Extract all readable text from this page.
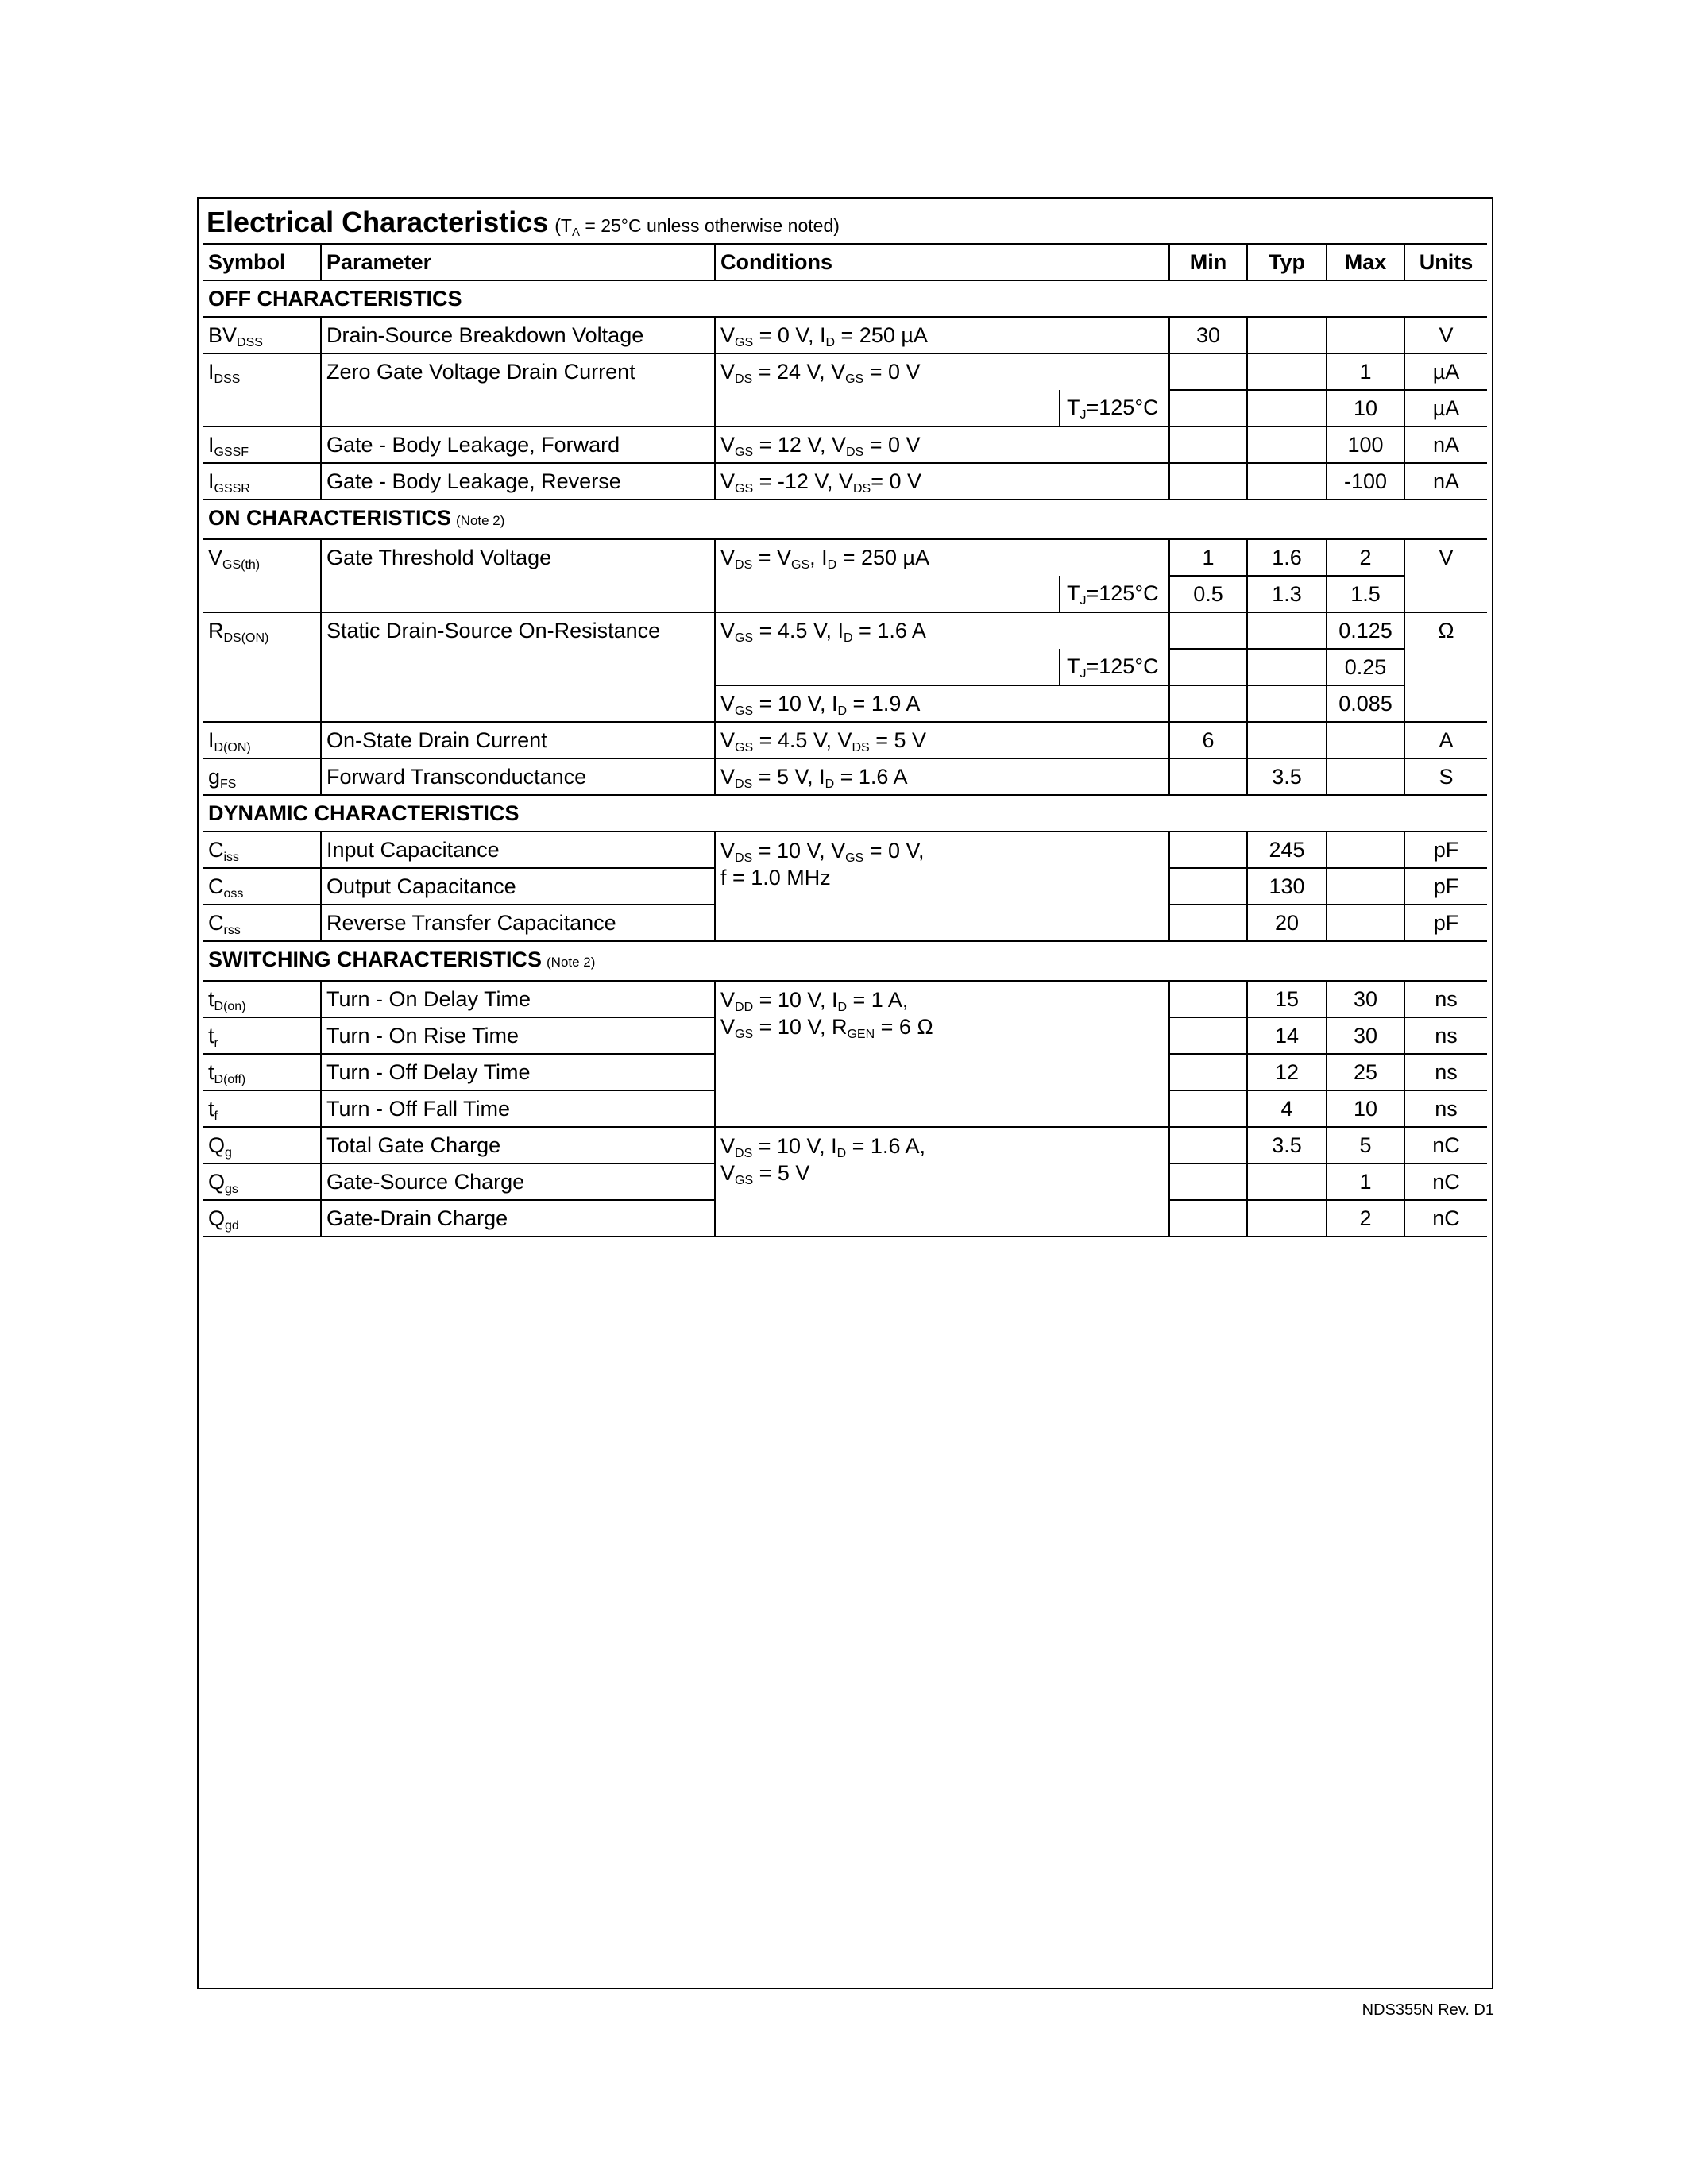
Electrical Characteristics ($T_A = 25^\circ C$ unless otherwise noted)
Symbol	Parameter	Conditions	Min	Typ	Max	Units
OFF CHARACTERISTICS						
$BV_{DSS}$	Drain-Source Breakdown Voltage	$V_{GS} = 0$ V, $I_D = 250$ µA	30			V
$I_{DSS}$	Zero Gate Voltage Drain Current	$V_{DS} = 24$ V, $V_{GS} = 0$ V			1	µA

		$T_J=125^\circ C$			10	µA
$I_{GSSF}$	Gate - Body Leakage, Forward	$V_{GS} = 12$ V, $V_{DS} = 0$ V			100	nA
$I_{GSSR}$	Gate - Body Leakage, Reverse	$V_{GS} = -12$ V, $V_{DS}= 0$ V			-100	nA
ON CHARACTERISTICS (Note 2)						
$V_{GS(th)}$	Gate Threshold Voltage	$V_{DS} = V_{GS}$, $I_D = 250$ µA	1	1.6	2	V

		$T_J=125^\circ C$	0.5	1.3	1.5	
$R_{DS(ON)}$	Static Drain-Source On-Resistance	$V_{GS} = 4.5$ V, $I_D = 1.6$ A			0.125	Ω

		$T_J=125^\circ C$			0.25	
		$V_{GS} = 10$ V, $I_D = 1.9$ A			0.085	
$I_{D(ON)}$	On-State Drain Current	$V_{GS} = 4.5$ V, $V_{DS} = 5$ V	6			A
$g_{FS}$	Forward Transconductance	$V_{DS} = 5$ V, $I_D = 1.6$ A		3.5		S
DYNAMIC CHARACTERISTICS						
$C_{iss}$	Input Capacitance	$V_{DS} = 10$ V, $V_{GS} = 0$ V,
f = 1.0 MHz		245		pF
$C_{oss}$	Output Capacitance			130		pF
$C_{rss}$	Reverse Transfer Capacitance			20		pF
SWITCHING CHARACTERISTICS (Note 2)						
$t_{D(on)}$	Turn - On Delay Time	$V_{DD} = 10$ V, $I_D = 1$ A,
$V_{GS} = 10$ V, $R_{GEN} = 6$ Ω		15	30	ns
$t_r$	Turn - On Rise Time			14	30	ns
$t_{D(off)}$	Turn - Off Delay Time			12	25	ns
$t_f$	Turn - Off Fall Time			4	10	ns
$Q_g$	Total Gate Charge	$V_{DS} = 10$ V, $I_D = 1.6$ A,
$V_{GS} = 5$ V		3.5	5	nC
$Q_{gs}$	Gate-Source Charge				1	nC
$Q_{gd}$	Gate-Drain Charge				2	nC
NDS355N Rev. D1
